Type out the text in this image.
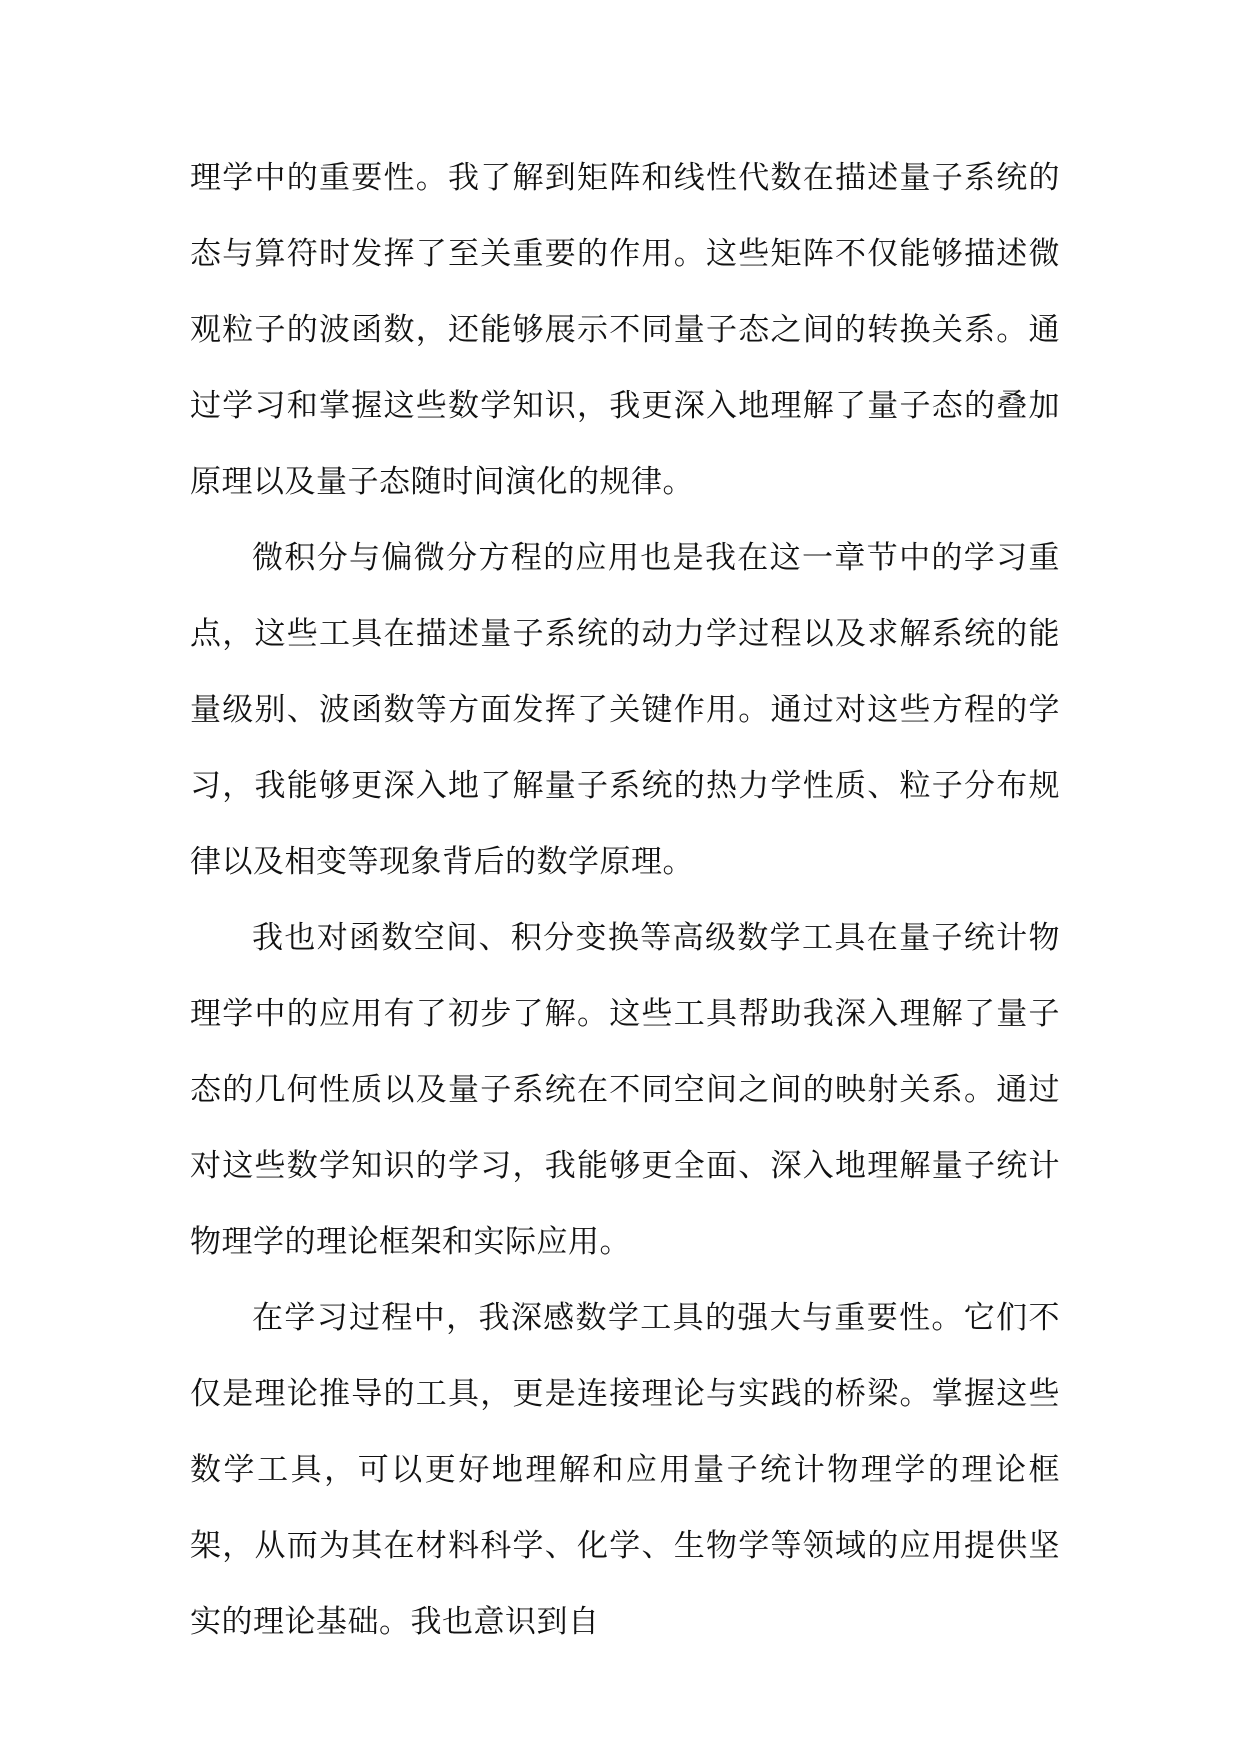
理学中的重要性。我了解到矩阵和线性代数在描述量子系统的态与算符时发挥了至关重要的作用。这些矩阵不仅能够描述微观粒子的波函数，还能够展示不同量子态之间的转换关系。通过学习和掌握这些数学知识，我更深入地理解了量子态的叠加原理以及量子态随时间演化的规律。

微积分与偏微分方程的应用也是我在这一章节中的学习重点，这些工具在描述量子系统的动力学过程以及求解系统的能量级别、波函数等方面发挥了关键作用。通过对这些方程的学习，我能够更深入地了解量子系统的热力学性质、粒子分布规律以及相变等现象背后的数学原理。

我也对函数空间、积分变换等高级数学工具在量子统计物理学中的应用有了初步了解。这些工具帮助我深入理解了量子态的几何性质以及量子系统在不同空间之间的映射关系。通过对这些数学知识的学习，我能够更全面、深入地理解量子统计物理学的理论框架和实际应用。

在学习过程中，我深感数学工具的强大与重要性。它们不仅是理论推导的工具，更是连接理论与实践的桥梁。掌握这些数学工具，可以更好地理解和应用量子统计物理学的理论框架，从而为其在材料科学、化学、生物学等领域的应用提供坚实的理论基础。我也意识到自
